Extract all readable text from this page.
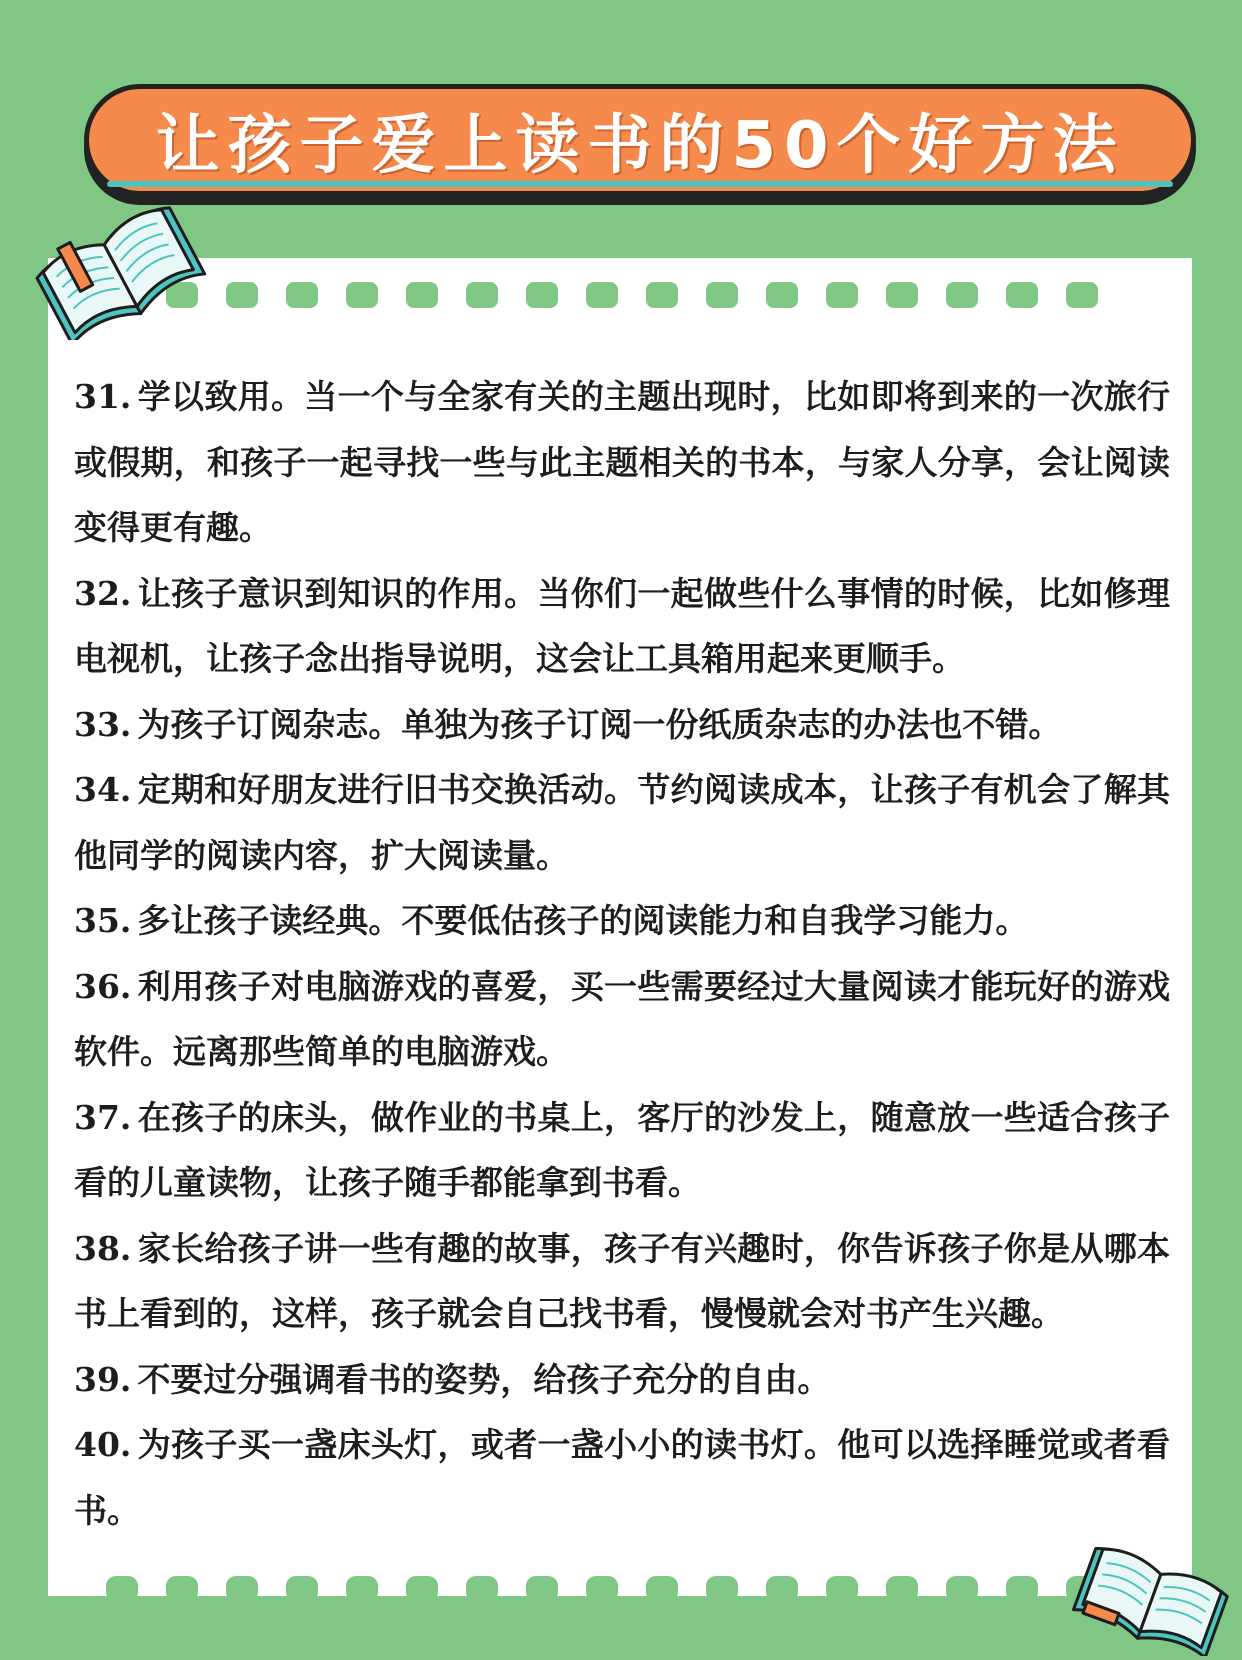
让孩子爱上读书的50个好方法

31. 学以致用。当一个与全家有关的主题出现时，比如即将到来的一次旅行或假期，和孩子一起寻找一些与此主题相关的书本，与家人分享，会让阅读变得更有趣。

32. 让孩子意识到知识的作用。当你们一起做些什么事情的时候，比如修理电视机，让孩子念出指导说明，这会让工具箱用起来更顺手。

33. 为孩子订阅杂志。单独为孩子订阅一份纸质杂志的办法也不错。

34. 定期和好朋友进行旧书交换活动。节约阅读成本，让孩子有机会了解其他同学的阅读内容，扩大阅读量。

35. 多让孩子读经典。不要低估孩子的阅读能力和自我学习能力。

36. 利用孩子对电脑游戏的喜爱，买一些需要经过大量阅读才能玩好的游戏软件。远离那些简单的电脑游戏。

37. 在孩子的床头，做作业的书桌上，客厅的沙发上，随意放一些适合孩子看的儿童读物，让孩子随手都能拿到书看。

38. 家长给孩子讲一些有趣的故事，孩子有兴趣时，你告诉孩子你是从哪本书上看到的，这样，孩子就会自己找书看，慢慢就会对书产生兴趣。

39. 不要过分强调看书的姿势，给孩子充分的自由。

40. 为孩子买一盏床头灯，或者一盏小小的读书灯。他可以选择睡觉或者看书。
